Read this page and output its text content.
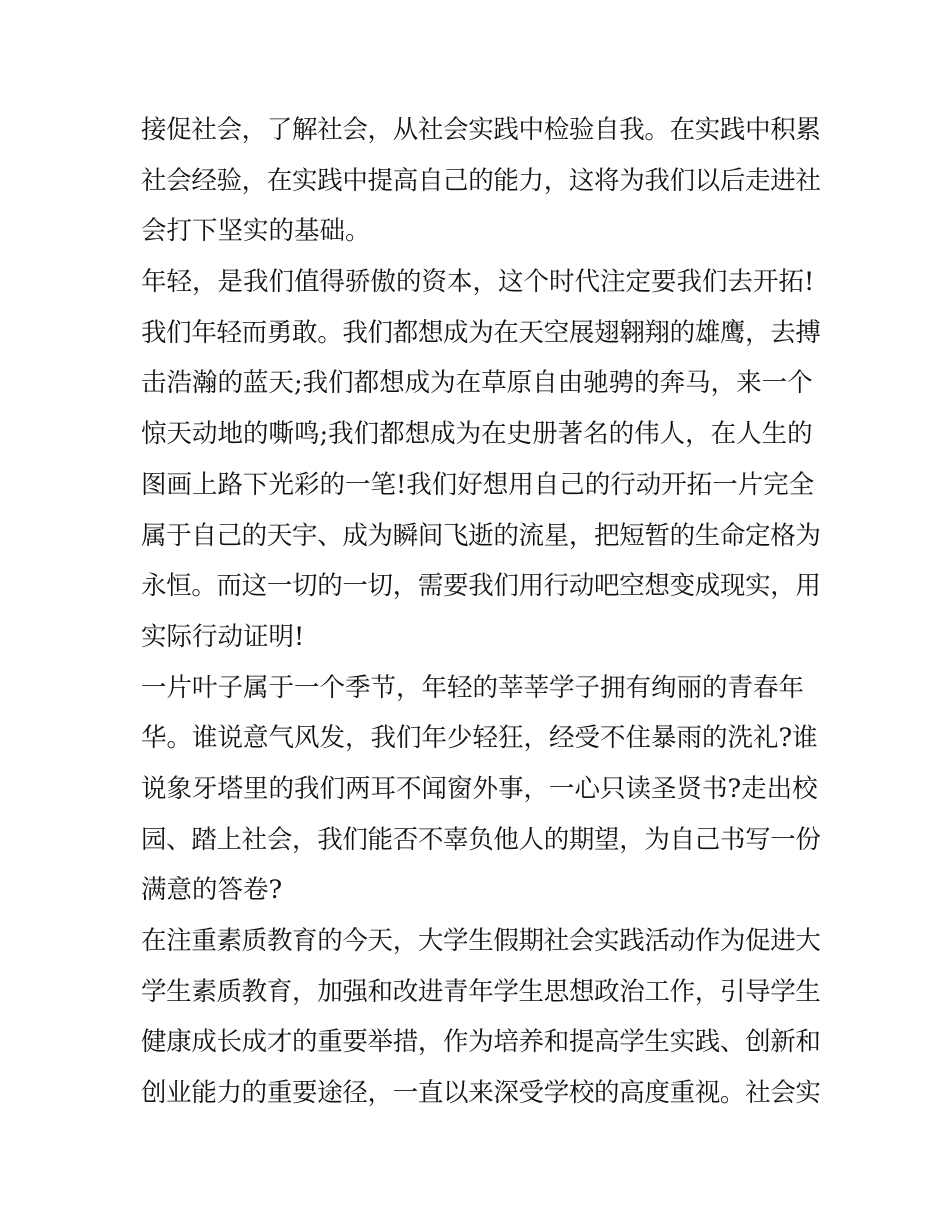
接促社会，了解社会，从社会实践中检验自我。在实践中积累
社会经验，在实践中提高自己的能力，这将为我们以后走进社
会打下坚实的基础。
年轻，是我们值得骄傲的资本，这个时代注定要我们去开拓!
我们年轻而勇敢。我们都想成为在天空展翅翱翔的雄鹰，去搏
击浩瀚的蓝天;我们都想成为在草原自由驰骋的奔马，来一个
惊天动地的嘶鸣;我们都想成为在史册著名的伟人，在人生的
图画上路下光彩的一笔!我们好想用自己的行动开拓一片完全
属于自己的天宇、成为瞬间飞逝的流星，把短暂的生命定格为
永恒。而这一切的一切，需要我们用行动吧空想变成现实，用
实际行动证明!
一片叶子属于一个季节，年轻的莘莘学子拥有绚丽的青春年
华。谁说意气风发，我们年少轻狂，经受不住暴雨的洗礼?谁
说象牙塔里的我们两耳不闻窗外事，一心只读圣贤书?走出校
园、踏上社会，我们能否不辜负他人的期望，为自己书写一份
满意的答卷?
在注重素质教育的今天，大学生假期社会实践活动作为促进大
学生素质教育，加强和改进青年学生思想政治工作，引导学生
健康成长成才的重要举措，作为培养和提高学生实践、创新和
创业能力的重要途径，一直以来深受学校的高度重视。社会实
